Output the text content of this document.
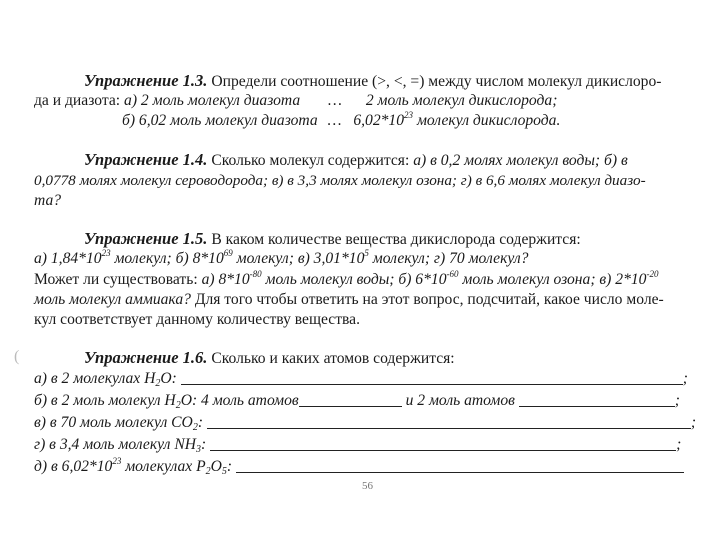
Упражнение 1.3. Определи соотношение (>, <, =) между числом молекул дикислоро-
да и диазота: а) 2 моль молекул диазота … 2 моль молекул дикислорода;
б) 6,02 моль молекул диазота … $6,02*10^{23}$ молекул дикислорода.
Упражнение 1.4. Сколько молекул содержится: а) в 0,2 молях молекул воды; б) в
0,0778 молях молекул сероводорода; в) в 3,3 молях молекул озона; г) в 6,6 молях молекул диазо-
та?
Упражнение 1.5. В каком количестве вещества дикислорода содержится:
а) $1,84*10^{23}$ молекул; б) $8*10^{69}$ молекул; в) $3,01*10^5$ молекул; г) 70 молекул?
Может ли существовать: а) $8*10^{-80}$ моль молекул воды; б) $6*10^{-60}$ моль молекул озона; в) $2*10^{-20}$
моль молекул аммиака? Для того чтобы ответить на этот вопрос, подсчитай, какое число моле-
кул соответствует данному количеству вещества.
Упражнение 1.6. Сколько и каких атомов содержится:
а) в 2 молекулах $H_2O$:	;
б) в 2 моль молекул $H_2O$: 4 моль атомов	и 2 моль атомов	;
в) в 70 моль молекул $CO_2$:	;
г) в 3,4 моль молекул $NH_3$:	;
д) в $6,02*10^{23}$ молекулах $P_2O_5$:
56
(
